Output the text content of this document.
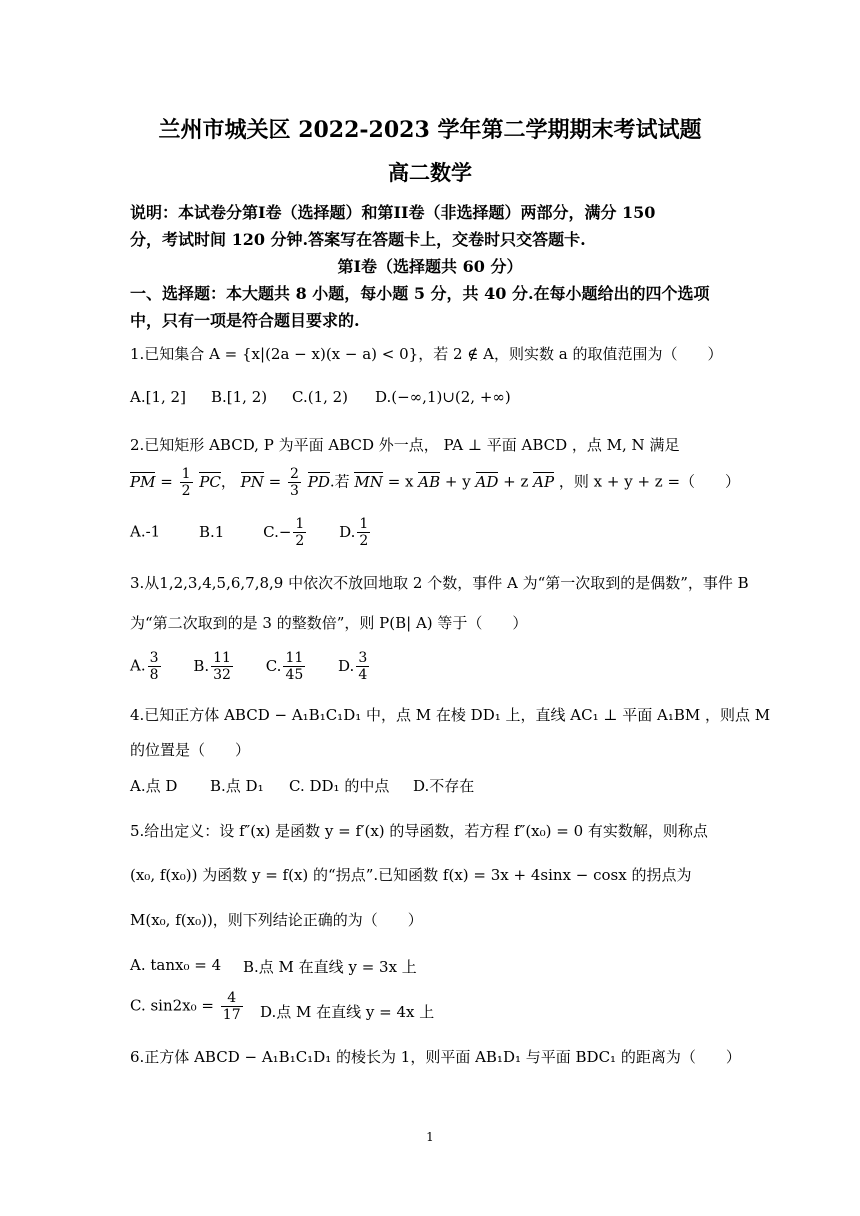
兰州市城关区 2022-2023 学年第二学期期末考试试题
高二数学
说明：本试卷分第Ⅰ卷（选择题）和第ⅠⅠ卷（非选择题）两部分，满分 150
分，考试时间 120 分钟.答案写在答题卡上，交卷时只交答题卡.
第Ⅰ卷（选择题共 60 分）
一、选择题：本大题共 8 小题，每小题 5 分，共 40 分.在每小题给出的四个选项
中，只有一项是符合题目要求的.
1.已知集合 A = {x|(2a − x)(x − a) < 0}，若 2 ∉ A，则实数 a 的取值范围为（　　）
A.[1, 2] B.[1, 2) C.(1, 2) D.(−∞,1)∪(2, +∞)
2.已知矩形 ABCD, P 为平面 ABCD 外一点， PA ⊥ 平面 ABCD ，点 M, N 满足
PM = $\frac{1}{2}$ PC， PN = $\frac{2}{3}$ PD.若 MN = x AB + y AD + z AP ，则 x + y + z =（　　）
A.-1	B.1	$C.- \frac{1}{2} D$. $\frac{1}{2}$
3.从1,2,3,4,5,6,7,8,9 中依次不放回地取 2 个数，事件 A 为“第一次取到的是偶数”，事件 B
为“第二次取到的是 3 的整数倍”，则 P(B| A) 等于（　　）
A. $\frac{3}{8} B$. $\frac{11}{32} C$. $\frac{11}{45} D$. $\frac{3}{4}$
4.已知正方体 ABCD − A₁B₁C₁D₁ 中，点 M 在棱 DD₁ 上，直线 AC₁ ⊥ 平面 A₁BM ，则点 M
的位置是（　　）
A.点 D B.点 D₁ C. DD₁ 的中点 D.不存在
5.给出定义：设 f″(x) 是函数 y = f′(x) 的导函数，若方程 f″(x₀) = 0 有实数解，则称点
(x₀, f(x₀)) 为函数 y = f(x) 的“拐点”.已知函数 f(x) = 3x + 4sinx − cosx 的拐点为
M(x₀, f(x₀))，则下列结论正确的为（　　）
A. tanx₀ = 4 B.点 M 在直线 y = 3x 上
C. $\sin 2x_0 = \frac{4}{17} D$.点 M 在直线 y = 4x 上
6.正方体 ABCD − A₁B₁C₁D₁ 的棱长为 1，则平面 AB₁D₁ 与平面 BDC₁ 的距离为（　　）
1
